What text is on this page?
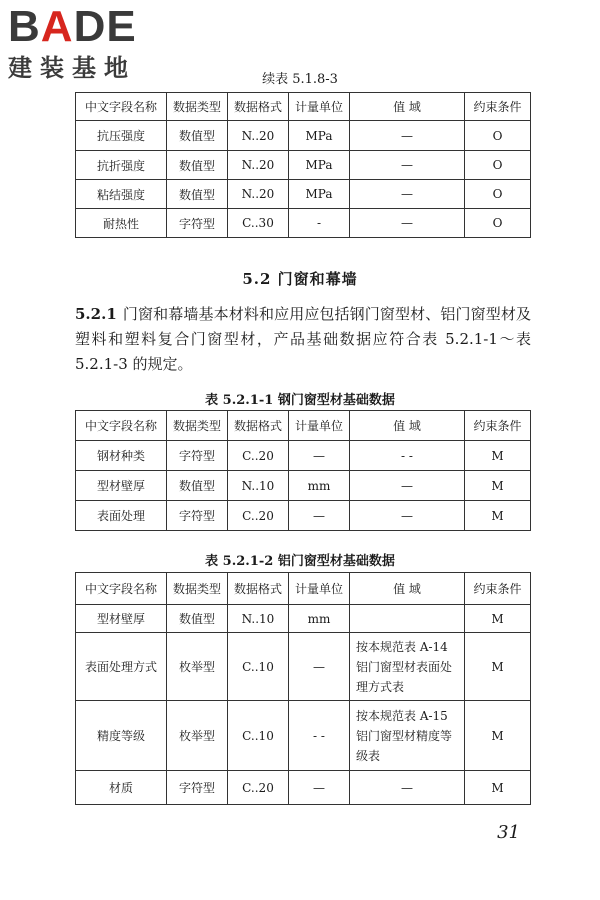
BADE
建装基地	续表 5.1.8-3
中文字段名称	数据类型	数据格式	计量单位	值 域	约束条件
抗压强度	数值型	N..20	MPa	—	O
抗折强度	数值型	N..20	MPa	—	O
粘结强度	数值型	N..20	MPa	—	O
耐热性	字符型	C..30	-	—	O
5.2 门窗和幕墙
5.2.1 门窗和幕墙基本材料和应用应包括钢门窗型材、铝门窗型材及塑料和塑料复合门窗型材，产品基础数据应符合表 5.2.1-1～表 5.2.1-3 的规定。
表 5.2.1-1 钢门窗型材基础数据
中文字段名称	数据类型	数据格式	计量单位	值 域	约束条件
钢材种类	字符型	C..20	—	- -	M
型材壁厚	数值型	N..10	mm	—	M
表面处理	字符型	C..20	—	—	M
表 5.2.1-2 铝门窗型材基础数据
中文字段名称	数据类型	数据格式	计量单位	值 域	约束条件
型材壁厚	数值型	N..10	mm		M
表面处理方式	枚举型	C..10	—	按本规范表 A-14 铝门窗型材表面处理方式表	M
精度等级	枚举型	C..10	- -	按本规范表 A-15 铝门窗型材精度等级表	M
材质	字符型	C..20	—	—	M
31
